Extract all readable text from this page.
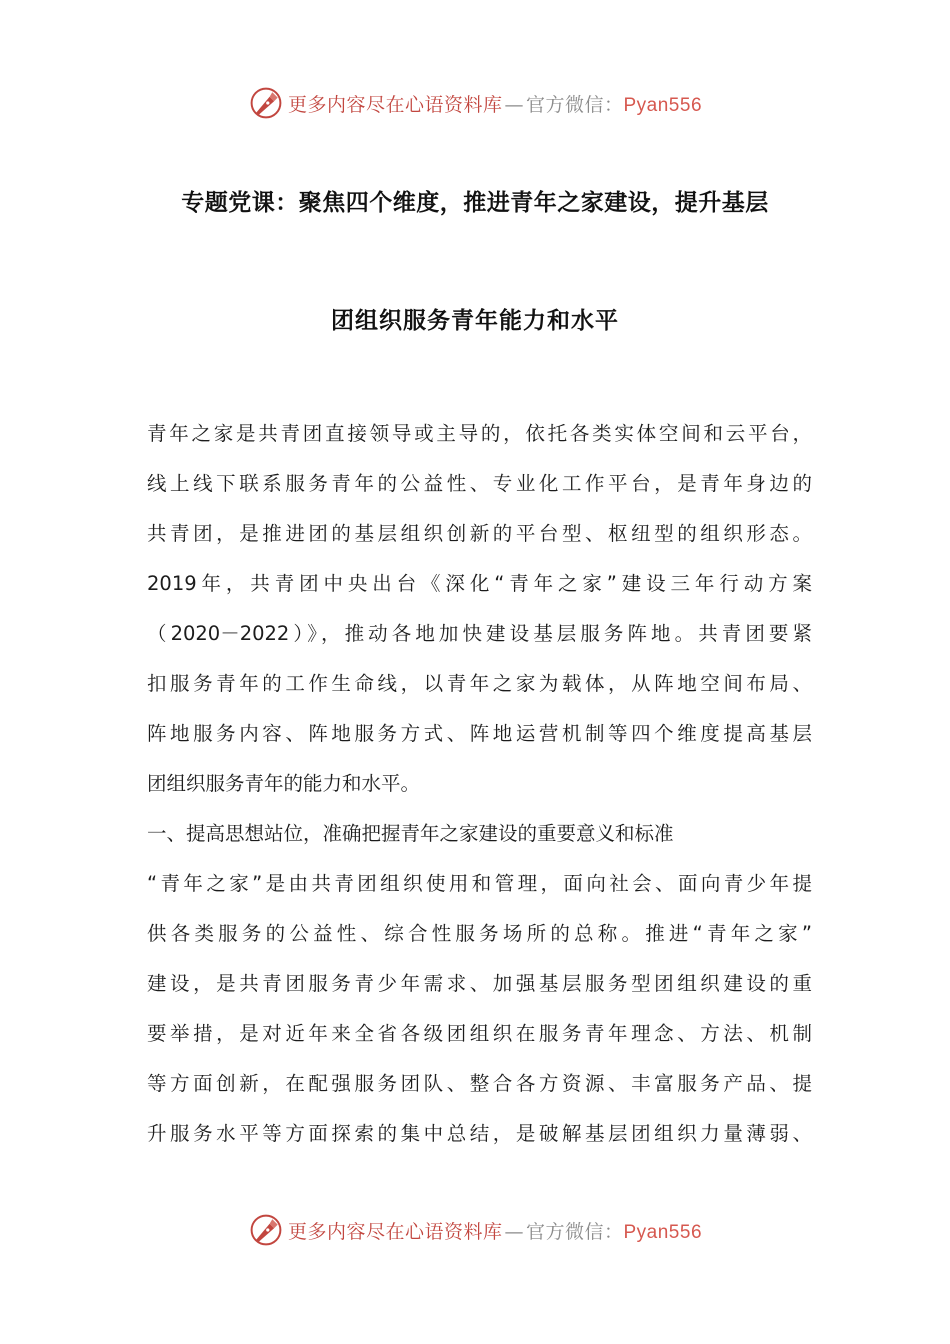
更多内容尽在心语资料库 — 官方微信：Pyan556
专题党课：聚焦四个维度，推进青年之家建设，提升基层
团组织服务青年能力和水平
青年之家是共青团直接领导或主导的，依托各类实体空间和云平台，
线上线下联系服务青年的公益性、专业化工作平台，是青年身边的
共青团，是推进团的基层组织创新的平台型、枢纽型的组织形态。
2019年，共青团中央出台《深化“青年之家”建设三年行动方案
（2020－2022）》，推动各地加快建设基层服务阵地。共青团要紧
扣服务青年的工作生命线，以青年之家为载体，从阵地空间布局、
阵地服务内容、阵地服务方式、阵地运营机制等四个维度提高基层
团组织服务青年的能力和水平。
一、提高思想站位，准确把握青年之家建设的重要意义和标准
“青年之家”是由共青团组织使用和管理，面向社会、面向青少年提
供各类服务的公益性、综合性服务场所的总称。推进“青年之家”
建设，是共青团服务青少年需求、加强基层服务型团组织建设的重
要举措，是对近年来全省各级团组织在服务青年理念、方法、机制
等方面创新，在配强服务团队、整合各方资源、丰富服务产品、提
升服务水平等方面探索的集中总结，是破解基层团组织力量薄弱、
更多内容尽在心语资料库 — 官方微信：Pyan556
